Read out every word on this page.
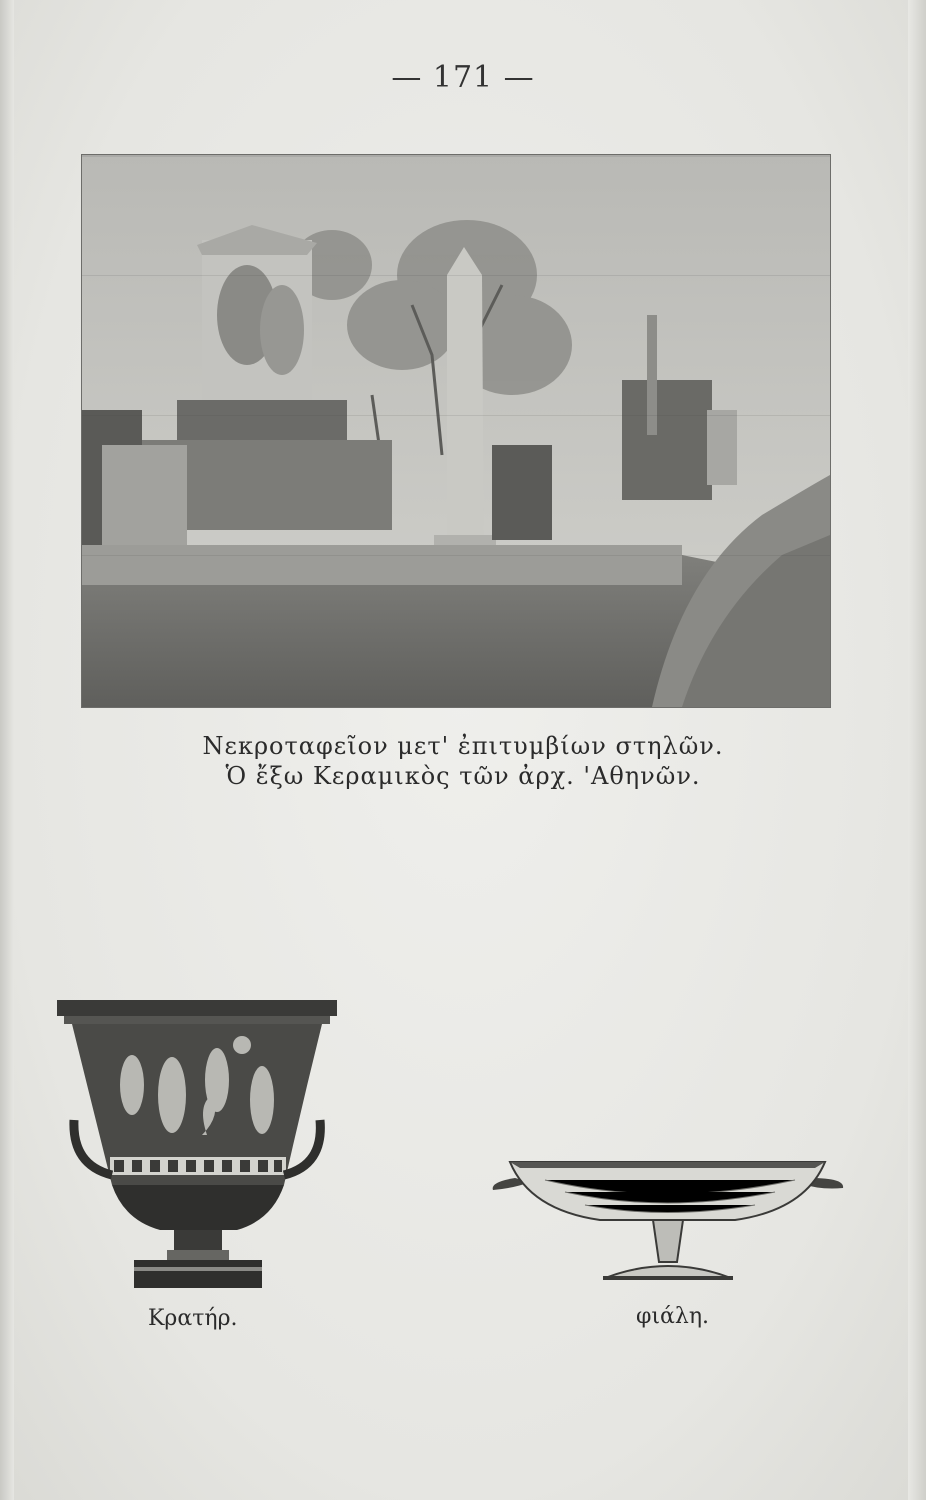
— 171 —
Νεκροταφεῖον μετ' ἐπιτυμβίων στηλῶν.
Ὁ ἔξω Κεραμικὸς τῶν ἀρχ. 'Αθηνῶν.
Κρατήρ.	φιάλη.
